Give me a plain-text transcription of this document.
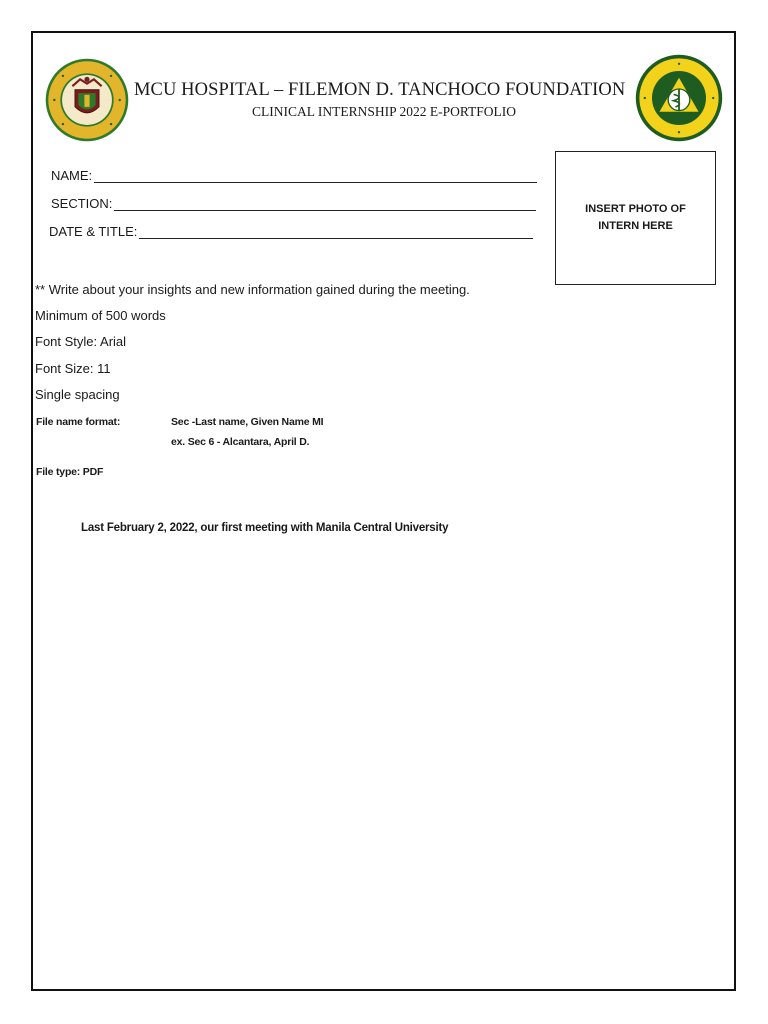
MCU HOSPITAL – FILEMON D. TANCHOCO FOUNDATION
CLINICAL INTERNSHIP 2022 E-PORTFOLIO
NAME:
SECTION:
DATE & TITLE:
INSERT PHOTO OF INTERN HERE
** Write about your insights and new information gained during the meeting.
Minimum of 500 words
Font Style: Arial
Font Size: 11
Single spacing
File name format:	Sec -Last name, Given Name MI
ex. Sec 6 - Alcantara, April D.
File type: PDF
Last February 2, 2022, our first meeting with Manila Central University
